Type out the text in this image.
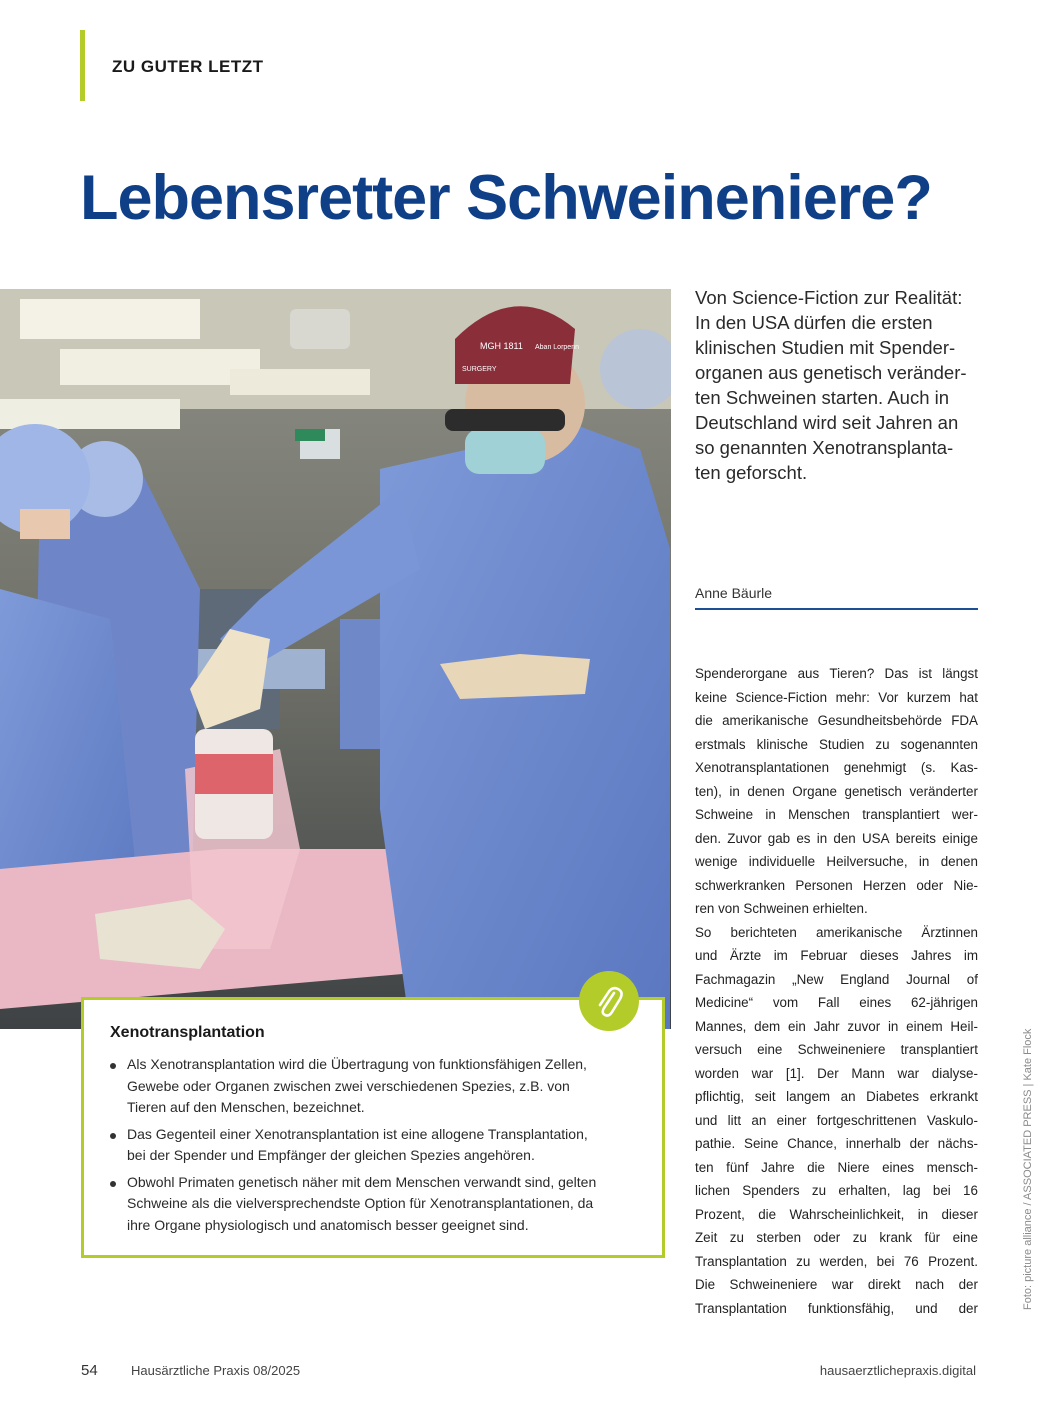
ZU GUTER LETZT
Lebensretter Schweineniere?
MGH 1811 Aban Lorpenn
SURGERY
Von Science-Fiction zur Realität:
In den USA dürfen die ersten
klinischen Studien mit Spender-
organen aus genetisch veränder-
ten Schweinen starten. Auch in
Deutschland wird seit Jahren an
so genannten Xenotransplanta-
ten geforscht.
Anne Bäurle
Spenderorgane aus Tieren? Das ist längst
keine Science-Fiction mehr: Vor kurzem hat
die amerikanische Gesundheitsbehörde FDA
erstmals klinische Studien zu sogenannten
Xenotransplantationen genehmigt (s. Kas-
ten), in denen Organe genetisch veränderter
Schweine in Menschen transplantiert wer-
den. Zuvor gab es in den USA bereits einige
wenige individuelle Heilversuche, in denen
schwerkranken Personen Herzen oder Nie-
ren von Schweinen erhielten.
So berichteten amerikanische Ärztinnen
und Ärzte im Februar dieses Jahres im
Fachmagazin „New England Journal of
Medicine“ vom Fall eines 62-jährigen
Mannes, dem ein Jahr zuvor in einem Heil-
versuch eine Schweineniere transplantiert
worden war [1]. Der Mann war dialyse-
pflichtig, seit langem an Diabetes erkrankt
und litt an einer fortgeschrittenen Vaskulo-
pathie. Seine Chance, innerhalb der nächs-
ten fünf Jahre die Niere eines mensch-
lichen Spenders zu erhalten, lag bei 16
Prozent, die Wahrscheinlichkeit, in dieser
Zeit zu sterben oder zu krank für eine
Transplantation zu werden, bei 76 Prozent.
Die Schweineniere war direkt nach der
Transplantation funktionsfähig, und der
Xenotransplantation
Als Xenotransplantation wird die Übertragung von funktionsfähigen Zellen,
Gewebe oder Organen zwischen zwei verschiedenen Spezies, z.B. von
Tieren auf den Menschen, bezeichnet.
Das Gegenteil einer Xenotransplantation ist eine allogene Transplantation,
bei der Spender und Empfänger der gleichen Spezies angehören.
Obwohl Primaten genetisch näher mit dem Menschen verwandt sind, gelten
Schweine als die vielversprechendste Option für Xenotransplantationen, da
ihre Organe physiologisch und anatomisch besser geeignet sind.	Foto: picture alliance / ASSOCIATED PRESS | Kate Flock
54	Hausärztliche Praxis 08/2025	hausaerztlichepraxis.digital
